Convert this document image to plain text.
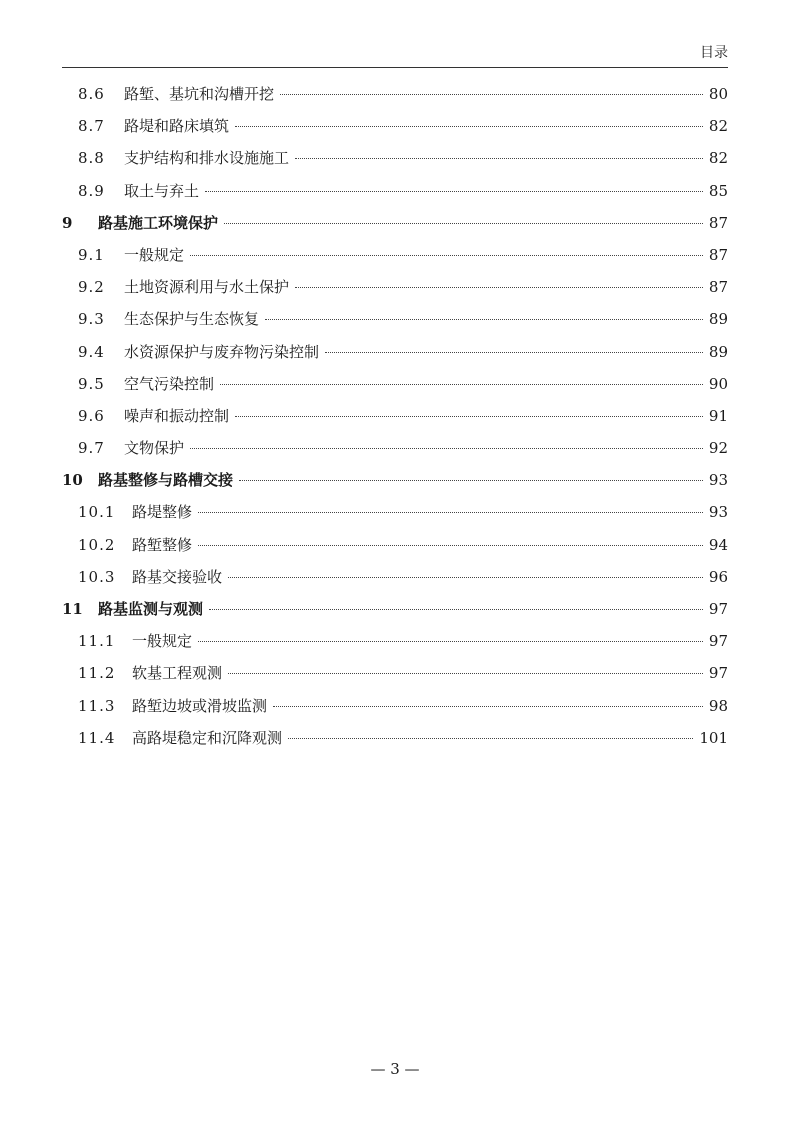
目录
8.6	路堑、基坑和沟槽开挖	80
8.7	路堤和路床填筑	82
8.8	支护结构和排水设施施工	82
8.9	取土与弃土	85
9	路基施工环境保护	87
9.1	一般规定	87
9.2	土地资源利用与水土保护	87
9.3	生态保护与生态恢复	89
9.4	水资源保护与废弃物污染控制	89
9.5	空气污染控制	90
9.6	噪声和振动控制	91
9.7	文物保护	92
10	路基整修与路槽交接	93
10.1	路堤整修	93
10.2	路堑整修	94
10.3	路基交接验收	96
11	路基监测与观测	97
11.1	一般规定	97
11.2	软基工程观测	97
11.3	路堑边坡或滑坡监测	98
11.4	高路堤稳定和沉降观测	101
— 3 —
